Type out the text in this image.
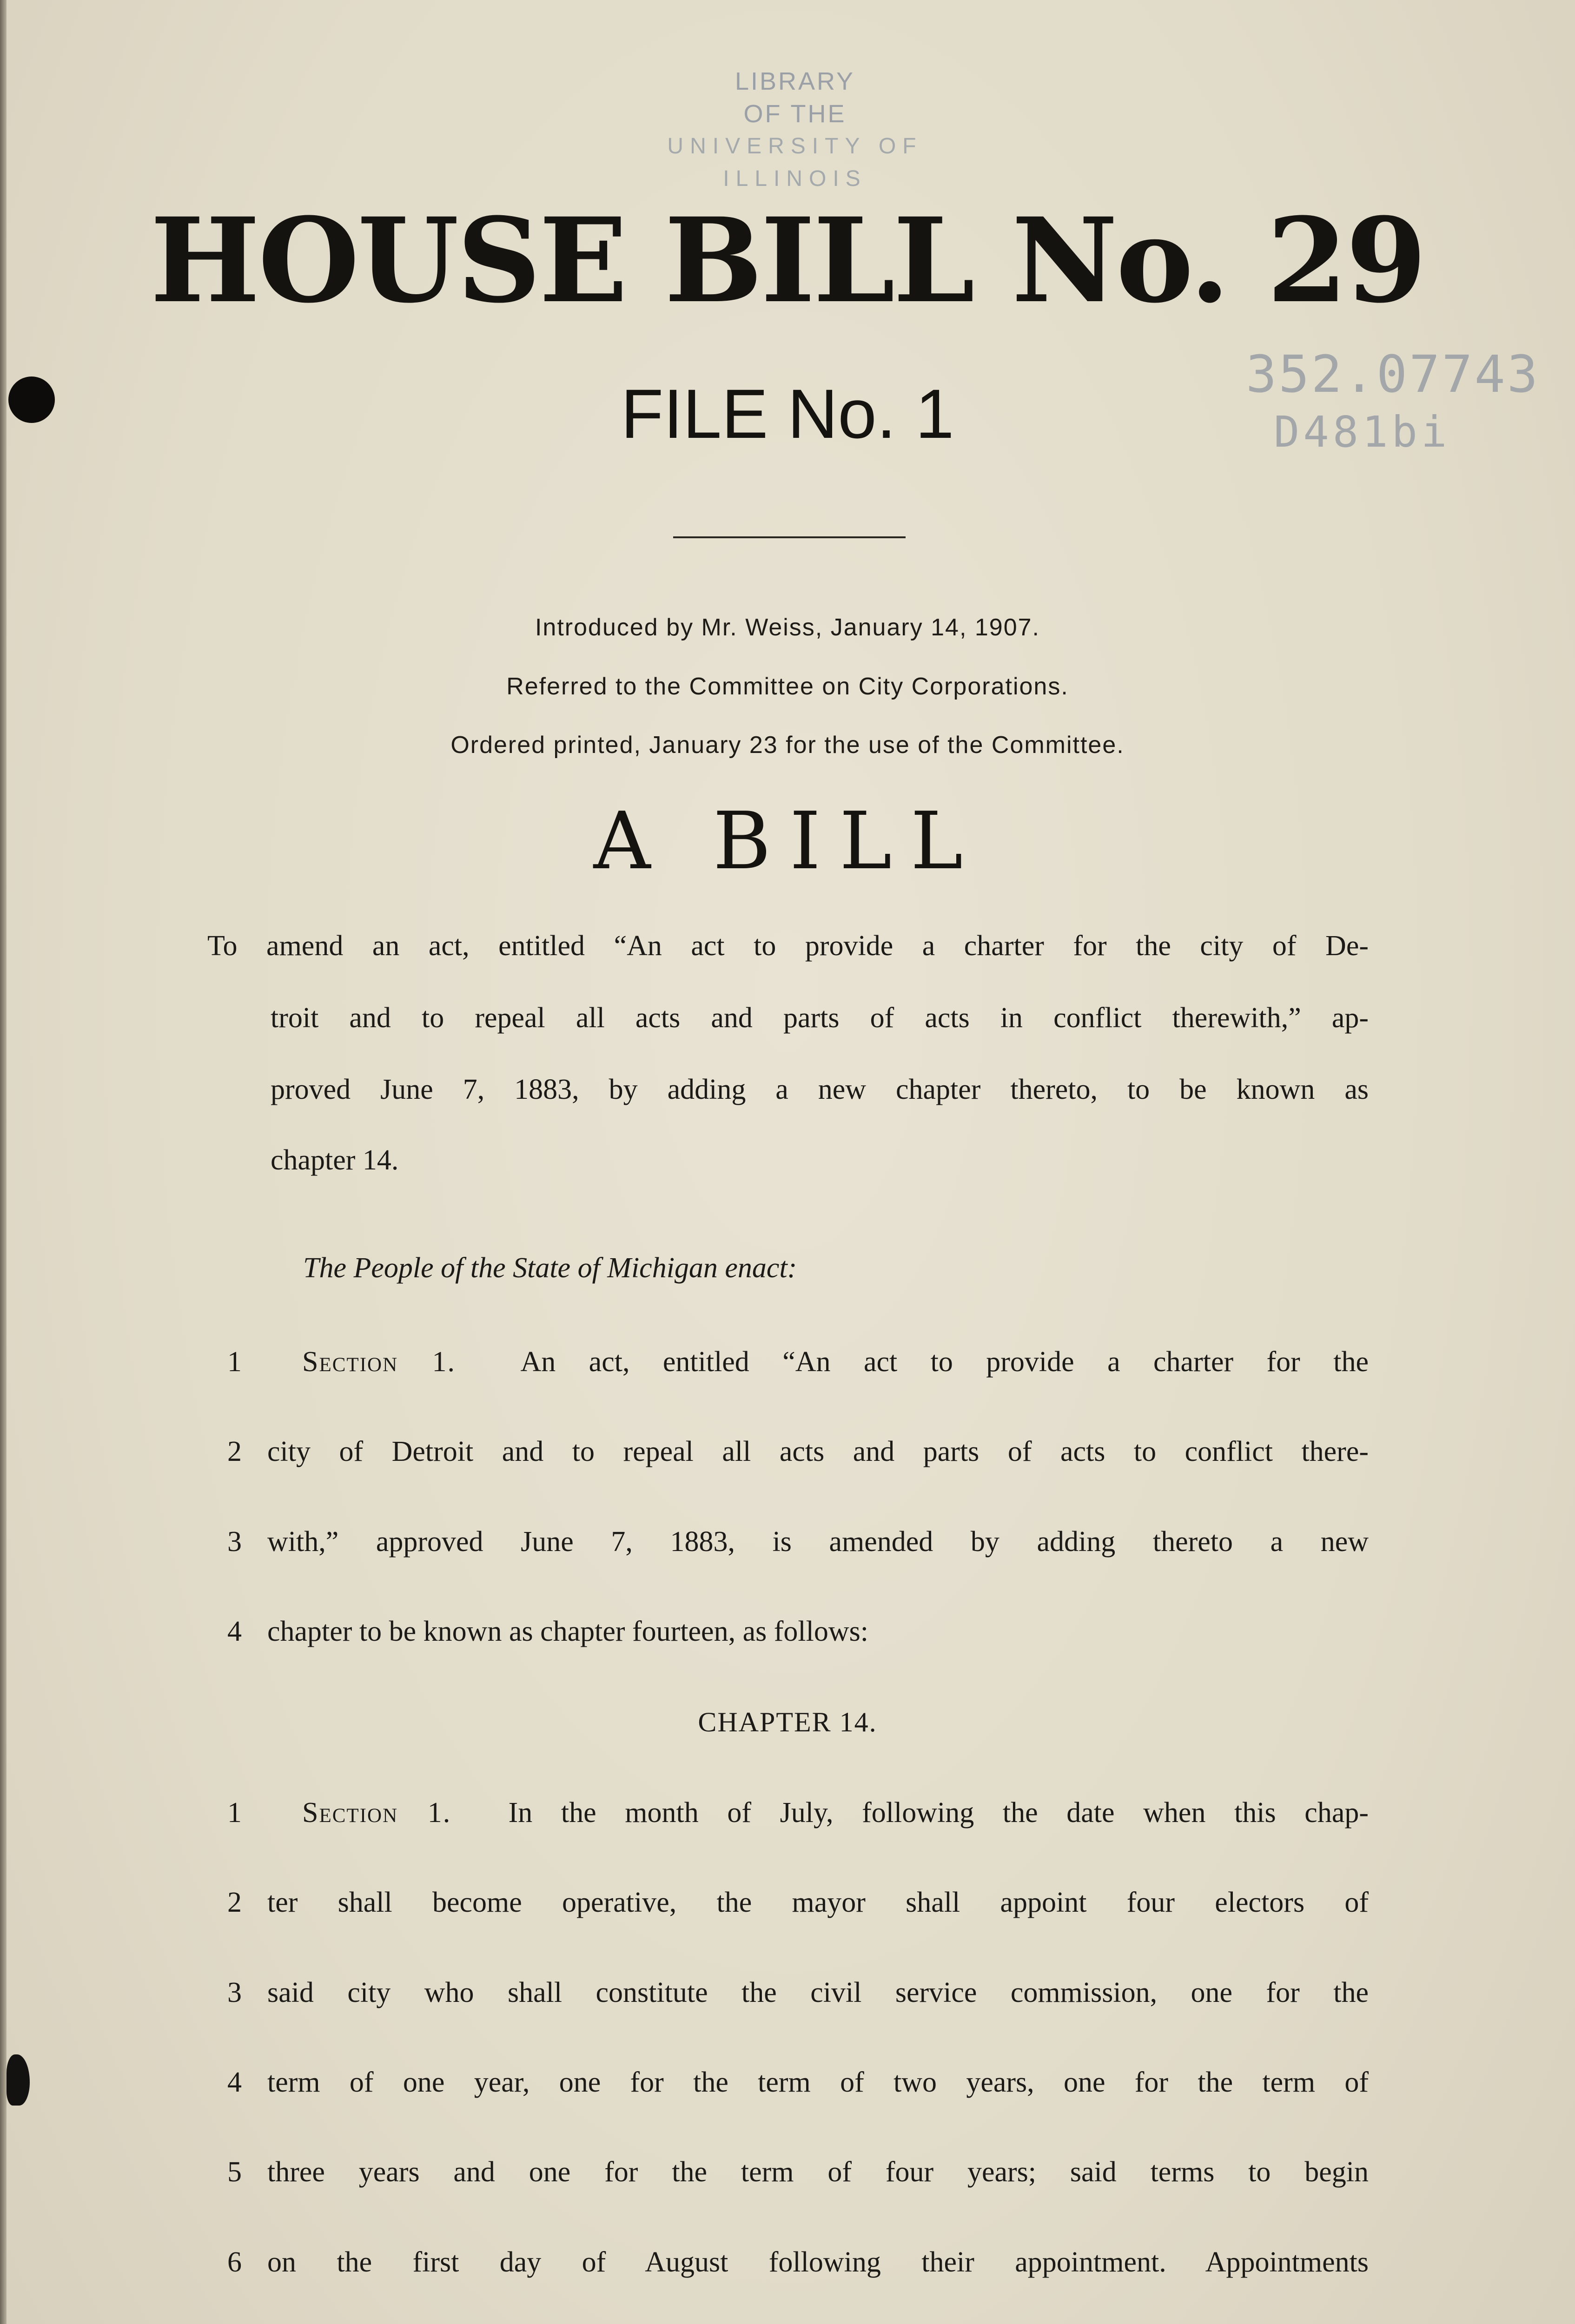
LIBRARY
OF THE
UNIVERSITY OF ILLINOIS
352.07743
D481bi
HOUSE BILL No. 29
FILE No. 1
Introduced by Mr. Weiss, January 14, 1907.
Referred to the Committee on City Corporations.
Ordered printed, January 23 for the use of the Committee.
A BILL
To amend an act, entitled “An act to provide a charter for the city of De-
troit and to repeal all acts and parts of acts in conflict therewith,” ap-
proved June 7, 1883, by adding a new chapter thereto, to be known as
chapter 14.
The People of the State of Michigan enact:
1 Section 1. An act, entitled “An act to provide a charter for the
2 city of Detroit and to repeal all acts and parts of acts to conflict there-
3 with,” approved June 7, 1883, is amended by adding thereto a new
4 chapter to be known as chapter fourteen, as follows:
CHAPTER 14.
1 Section 1. In the month of July, following the date when this chap-
2 ter shall become operative, the mayor shall appoint four electors of
3 said city who shall constitute the civil service commission, one for the
4 term of one year, one for the term of two years, one for the term of
5 three years and one for the term of four years; said terms to begin
6 on the first day of August following their appointment. Appointments
